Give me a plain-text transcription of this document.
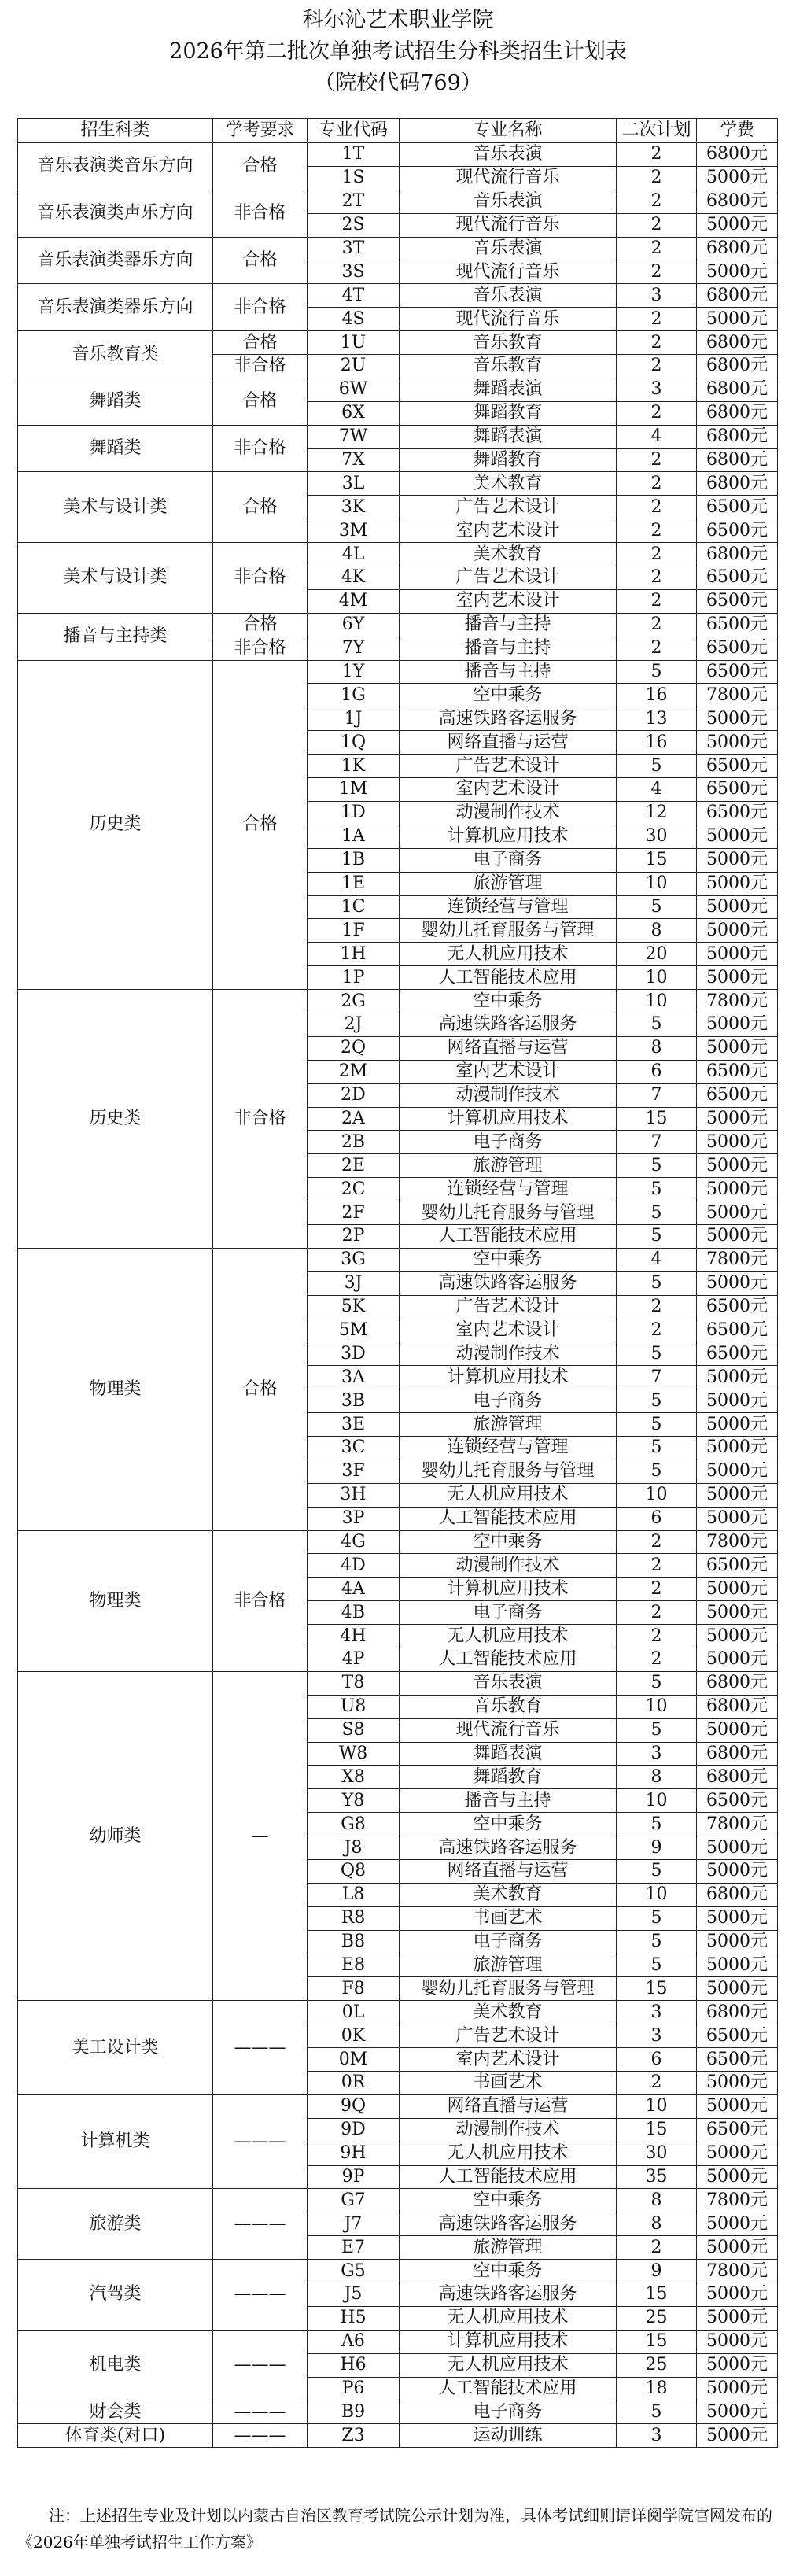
科尔沁艺术职业学院
2026年第二批次单独考试招生分科类招生计划表
（院校代码769）
招生科类	学考要求	专业代码	专业名称	二次计划	学费
音乐表演类音乐方向	合格	1T	音乐表演	2	6800元
		1S	现代流行音乐	2	5000元
音乐表演类声乐方向	非合格	2T	音乐表演	2	6800元
		2S	现代流行音乐	2	5000元
音乐表演类器乐方向	合格	3T	音乐表演	2	6800元
		3S	现代流行音乐	2	5000元
音乐表演类器乐方向	非合格	4T	音乐表演	3	6800元
		4S	现代流行音乐	2	5000元
音乐教育类	合格	1U	音乐教育	2	6800元
	非合格	2U	音乐教育	2	6800元
舞蹈类	合格	6W	舞蹈表演	3	6800元
		6X	舞蹈教育	2	6800元
舞蹈类	非合格	7W	舞蹈表演	4	6800元
		7X	舞蹈教育	2	6800元
美术与设计类	合格	3L	美术教育	2	6800元
		3K	广告艺术设计	2	6500元
		3M	室内艺术设计	2	6500元
美术与设计类	非合格	4L	美术教育	2	6800元
		4K	广告艺术设计	2	6500元
		4M	室内艺术设计	2	6500元
播音与主持类	合格	6Y	播音与主持	2	6500元
	非合格	7Y	播音与主持	2	6500元
历史类	合格	1Y	播音与主持	5	6500元
		1G	空中乘务	16	7800元
		1J	高速铁路客运服务	13	5000元
		1Q	网络直播与运营	16	5000元
		1K	广告艺术设计	5	6500元
		1M	室内艺术设计	4	6500元
		1D	动漫制作技术	12	6500元
		1A	计算机应用技术	30	5000元
		1B	电子商务	15	5000元
		1E	旅游管理	10	5000元
		1C	连锁经营与管理	5	5000元
		1F	婴幼儿托育服务与管理	8	5000元
		1H	无人机应用技术	20	5000元
		1P	人工智能技术应用	10	5000元
历史类	非合格	2G	空中乘务	10	7800元
		2J	高速铁路客运服务	5	5000元
		2Q	网络直播与运营	8	5000元
		2M	室内艺术设计	6	6500元
		2D	动漫制作技术	7	6500元
		2A	计算机应用技术	15	5000元
		2B	电子商务	7	5000元
		2E	旅游管理	5	5000元
		2C	连锁经营与管理	5	5000元
		2F	婴幼儿托育服务与管理	5	5000元
		2P	人工智能技术应用	5	5000元
物理类	合格	3G	空中乘务	4	7800元
		3J	高速铁路客运服务	5	5000元
		5K	广告艺术设计	2	6500元
		5M	室内艺术设计	2	6500元
		3D	动漫制作技术	5	6500元
		3A	计算机应用技术	7	5000元
		3B	电子商务	5	5000元
		3E	旅游管理	5	5000元
		3C	连锁经营与管理	5	5000元
		3F	婴幼儿托育服务与管理	5	5000元
		3H	无人机应用技术	10	5000元
		3P	人工智能技术应用	6	5000元
物理类	非合格	4G	空中乘务	2	7800元
		4D	动漫制作技术	2	6500元
		4A	计算机应用技术	2	5000元
		4B	电子商务	2	5000元
		4H	无人机应用技术	2	5000元
		4P	人工智能技术应用	2	5000元
幼师类	—	T8	音乐表演	5	6800元
		U8	音乐教育	10	6800元
		S8	现代流行音乐	5	5000元
		W8	舞蹈表演	3	6800元
		X8	舞蹈教育	8	6800元
		Y8	播音与主持	10	6500元
		G8	空中乘务	5	7800元
		J8	高速铁路客运服务	9	5000元
		Q8	网络直播与运营	5	5000元
		L8	美术教育	10	6800元
		R8	书画艺术	5	5000元
		B8	电子商务	5	5000元
		E8	旅游管理	5	5000元
		F8	婴幼儿托育服务与管理	15	5000元
美工设计类	———	0L	美术教育	3	6800元
		0K	广告艺术设计	3	6500元
		0M	室内艺术设计	6	6500元
		0R	书画艺术	2	5000元
计算机类	———	9Q	网络直播与运营	10	5000元
		9D	动漫制作技术	15	6500元
		9H	无人机应用技术	30	5000元
		9P	人工智能技术应用	35	5000元
旅游类	———	G7	空中乘务	8	7800元
		J7	高速铁路客运服务	8	5000元
		E7	旅游管理	2	5000元
汽驾类	———	G5	空中乘务	9	7800元
		J5	高速铁路客运服务	15	5000元
		H5	无人机应用技术	25	5000元
机电类	———	A6	计算机应用技术	15	5000元
		H6	无人机应用技术	25	5000元
		P6	人工智能技术应用	18	5000元
财会类	———	B9	电子商务	5	5000元
体育类(对口)	———	Z3	运动训练	3	5000元
注：上述招生专业及计划以内蒙古自治区教育考试院公示计划为准，具体考试细则请详阅学院官网发布的《2026年单独考试招生工作方案》
